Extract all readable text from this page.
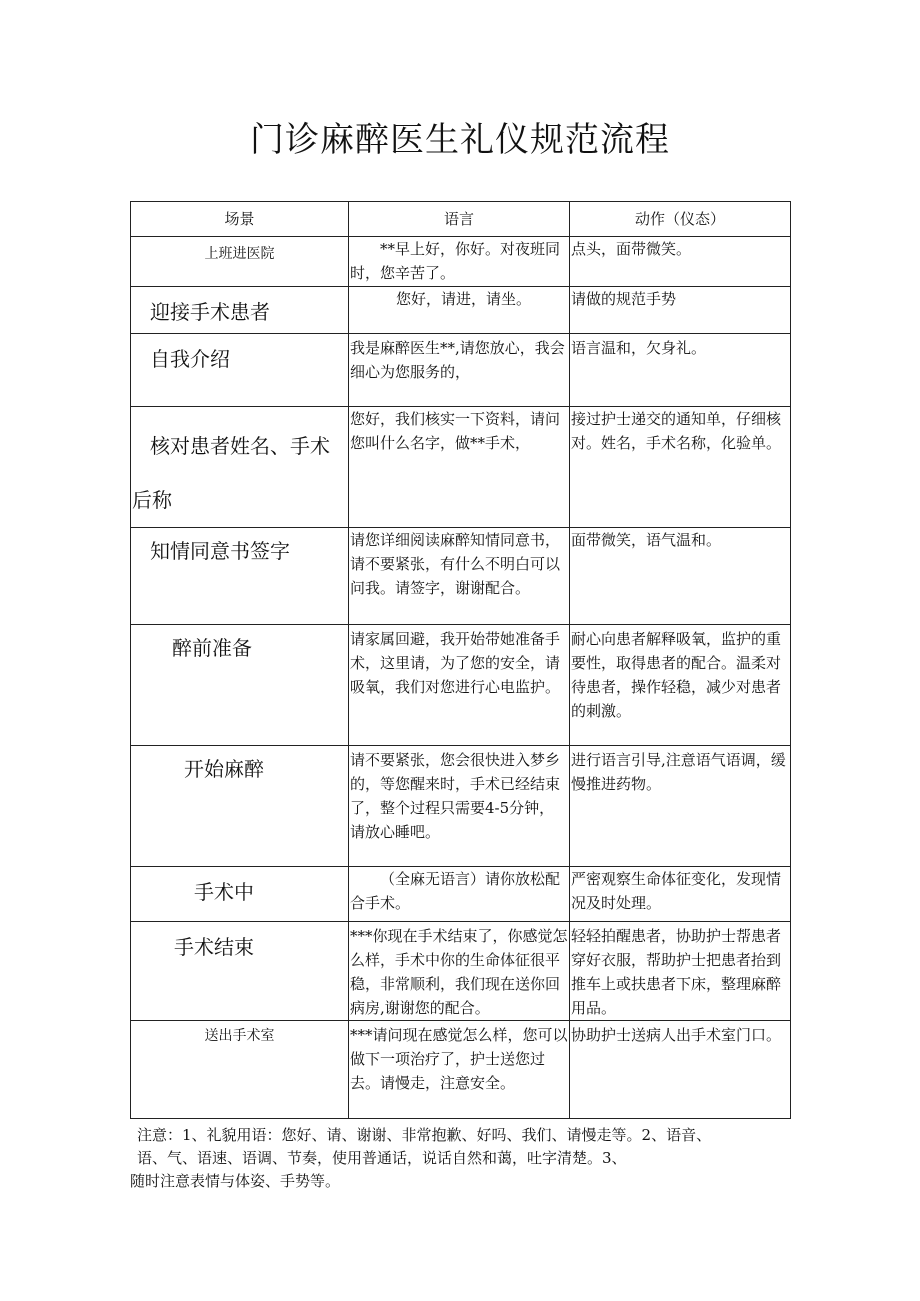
门诊麻醉医生礼仪规范流程
场景	语言	动作（仪态）

上班进医院	**早上好，你好。对夜班同时，您辛苦了。	点头，面带微笑。

迎接手术患者	您好，请进，请坐。	请做的规范手势

自我介绍	我是麻醉医生**,请您放心，我会细心为您服务的，	语言温和，欠身礼。

核对患者姓名、手术后称	您好，我们核实一下资料，请问您叫什么名字，做**手术，	接过护士递交的通知单，仔细核对。姓名，手术名称，化验单。

知情同意书签字	请您详细阅读麻醉知情同意书，请不要紧张，有什么不明白可以问我。请签字，谢谢配合。	面带微笑，语气温和。

醉前准备	请家属回避，我开始带她准备手术，这里请，为了您的安全，请吸氧，我们对您进行心电监护。	耐心向患者解释吸氧，监护的重要性，取得患者的配合。温柔对待患者，操作轻稳，减少对患者的刺激。

开始麻醉	请不要紧张，您会很快进入梦乡的，等您醒来时，手术已经结束了，整个过程只需要4-5分钟，请放心睡吧。	进行语言引导,注意语气语调，缓慢推进药物。

手术中	（全麻无语言）请你放松配合手术。	严密观察生命体征变化，发现情况及时处理。

手术结束	***你现在手术结束了，你感觉怎么样，手术中你的生命体征很平稳，非常顺利，我们现在送你回病房,谢谢您的配合。	轻轻拍醒患者，协助护士帮患者穿好衣服，帮助护士把患者抬到推车上或扶患者下床，整理麻醉用品。

送出手术室	***请问现在感觉怎么样，您可以做下一项治疗了，护士送您过去。请慢走，注意安全。	协助护士送病人出手术室门口。
注意：1、礼貌用语：您好、请、谢谢、非常抱歉、好吗、我们、请慢走等。2、语音、
语、气、语速、语调、节奏，使用普通话，说话自然和蔼，吐字清楚。3、
随时注意表情与体姿、手势等。
